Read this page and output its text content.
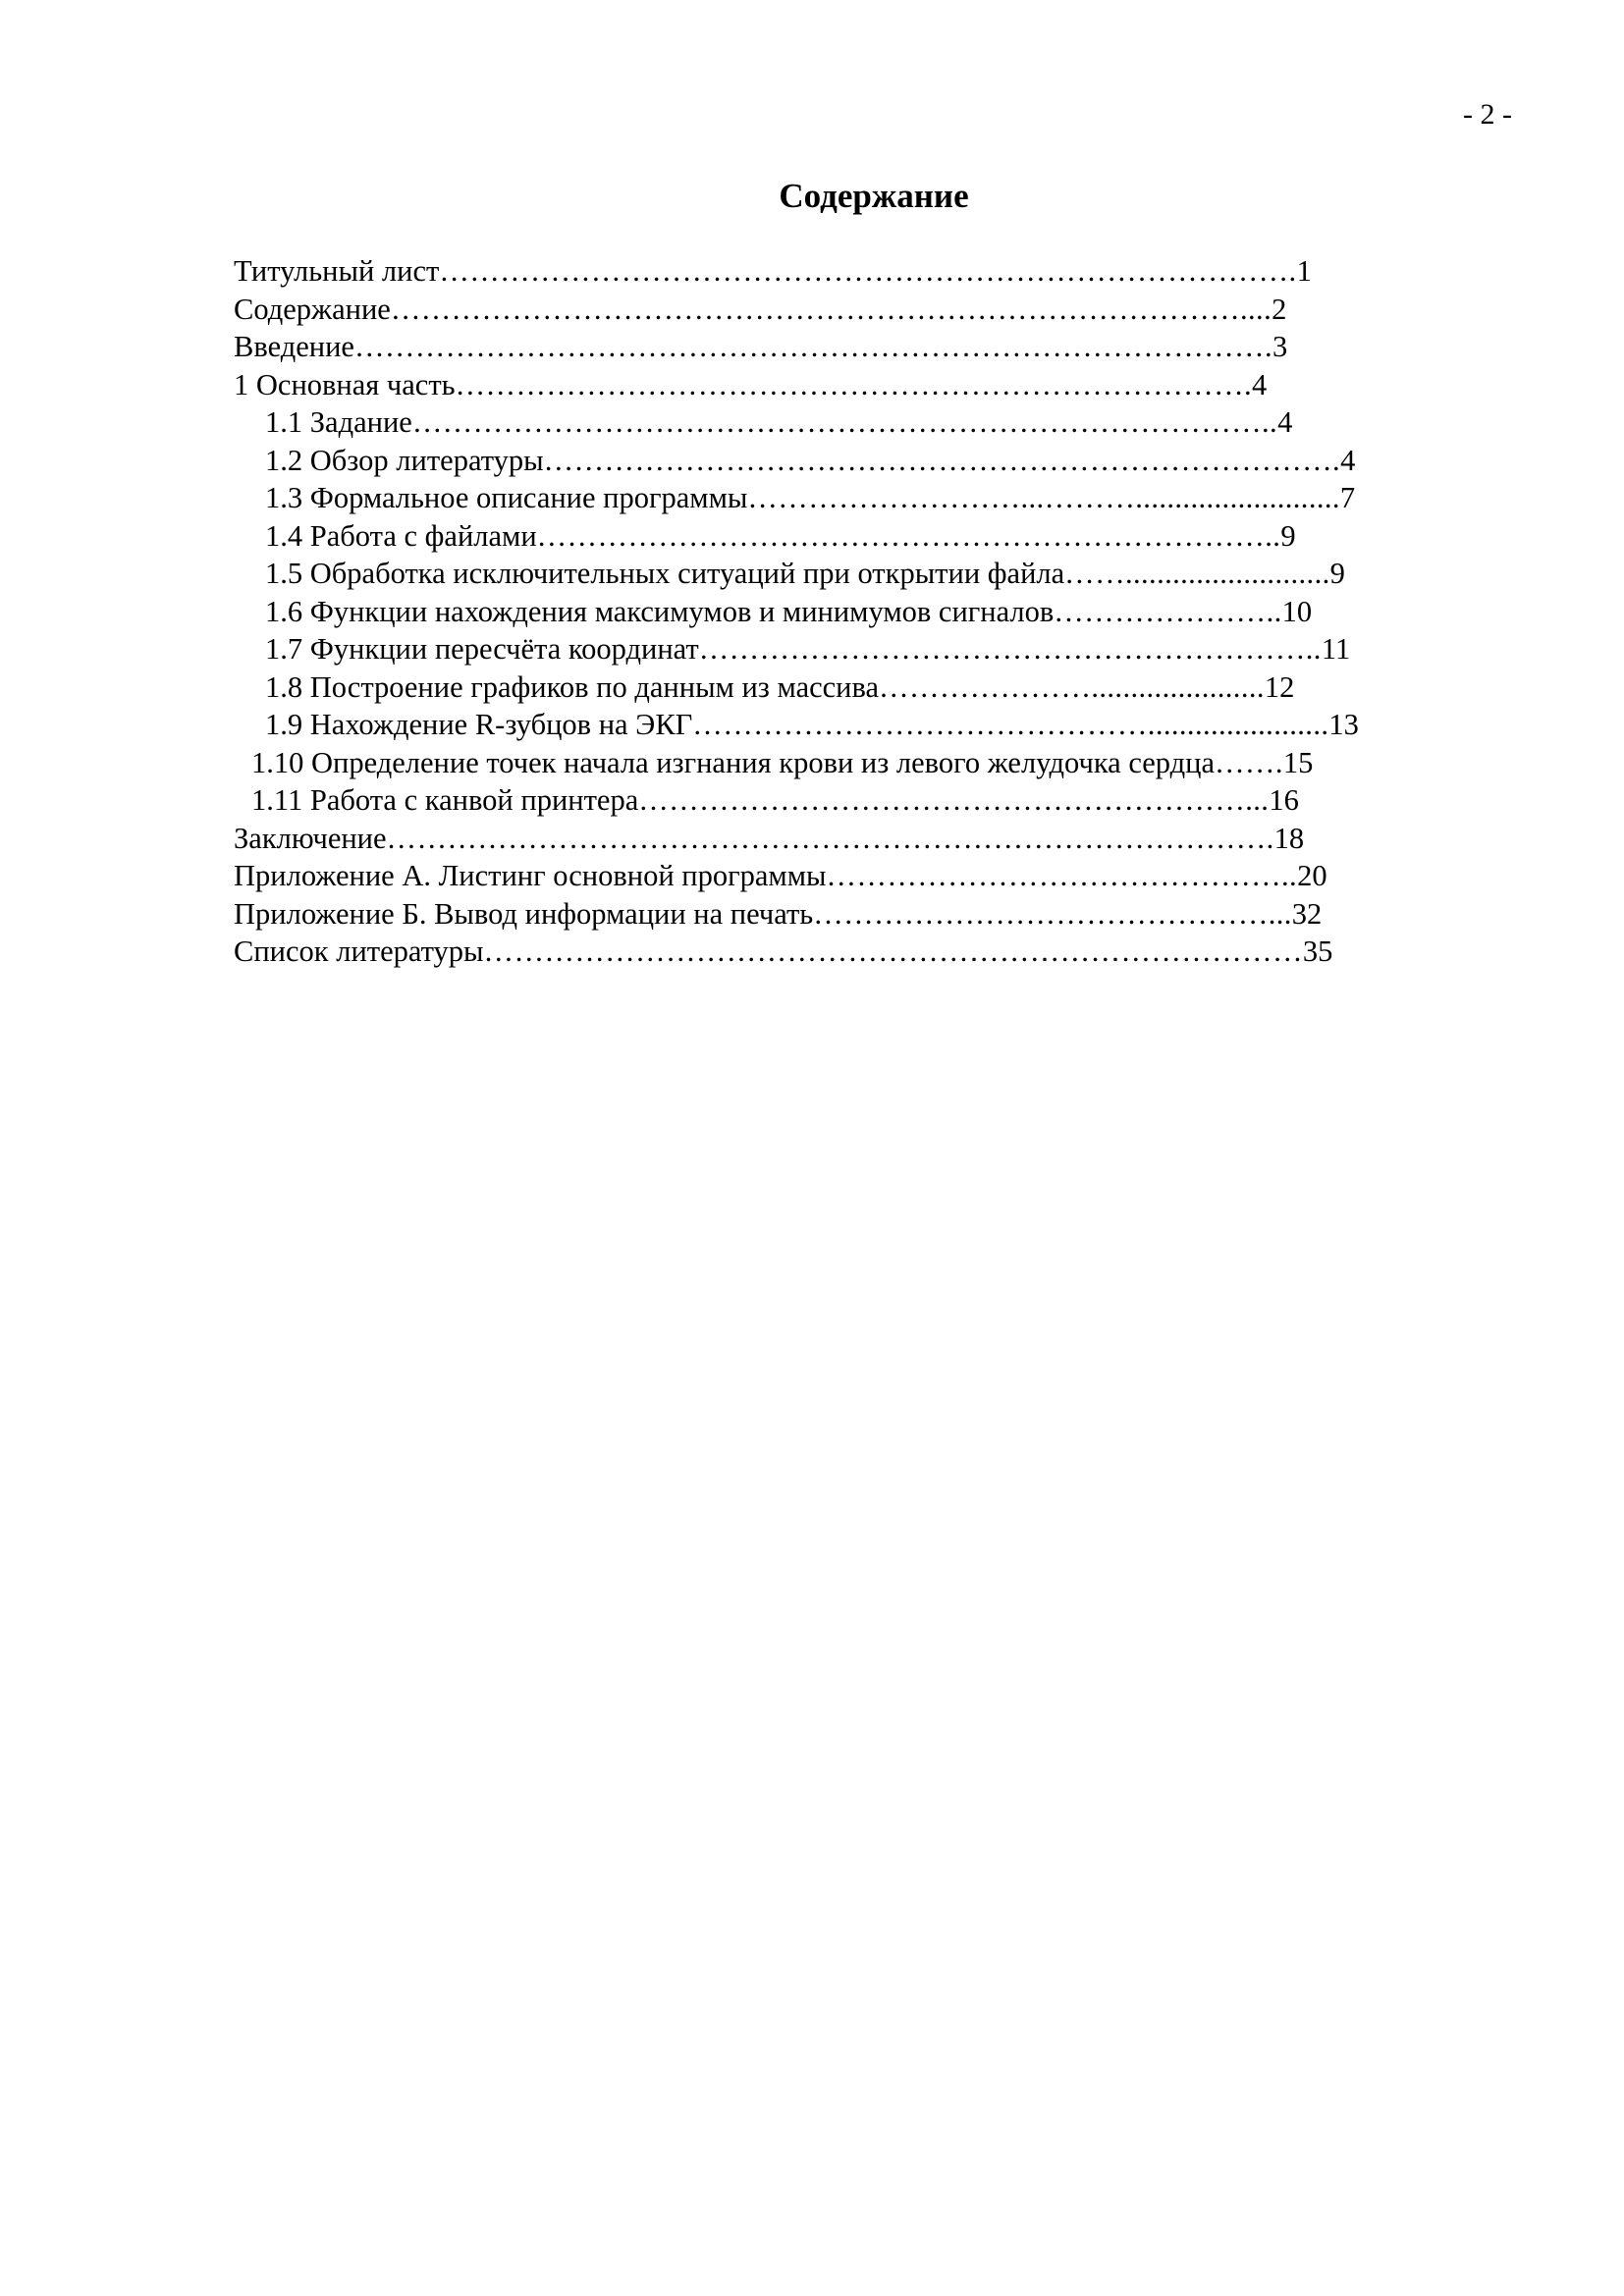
- 2 -
Содержание
Титульный лист………………………………………………………………………….1
Содержание…………………………………………………………………………....2
Введение……………………………………………………………………………….3
1 Основная часть…………………………………………………………………….4
1.1 Задание…………………………………………………………………………..4
1.2 Обзор литературы…………………………………………………………………….4
1.3 Формальное описание программы………………………...………..........................7
1.4 Работа с файлами………………………………………………………………..9
1.5 Обработка исключительных ситуаций при открытии файла……..........................9
1.6 Функции нахождения максимумов и минимумов сигналов…………………..10
1.7 Функции пересчёта координат……………………………………………………..11
1.8 Построение графиков по данным из массива…………………......................12
1.9 Нахождение R-зубцов на ЭКГ……………………………………….......................13
1.10 Определение точек начала изгнания крови из левого желудочка сердца…….15
1.11 Работа с канвой принтера……………………………………………………...16
Заключение…………………………………………………………………………….18
Приложение А. Листинг основной программы………………………………………..20
Приложение Б. Вывод информации на печать………………………………………...32
Список литературы………………………………………………………………………35
